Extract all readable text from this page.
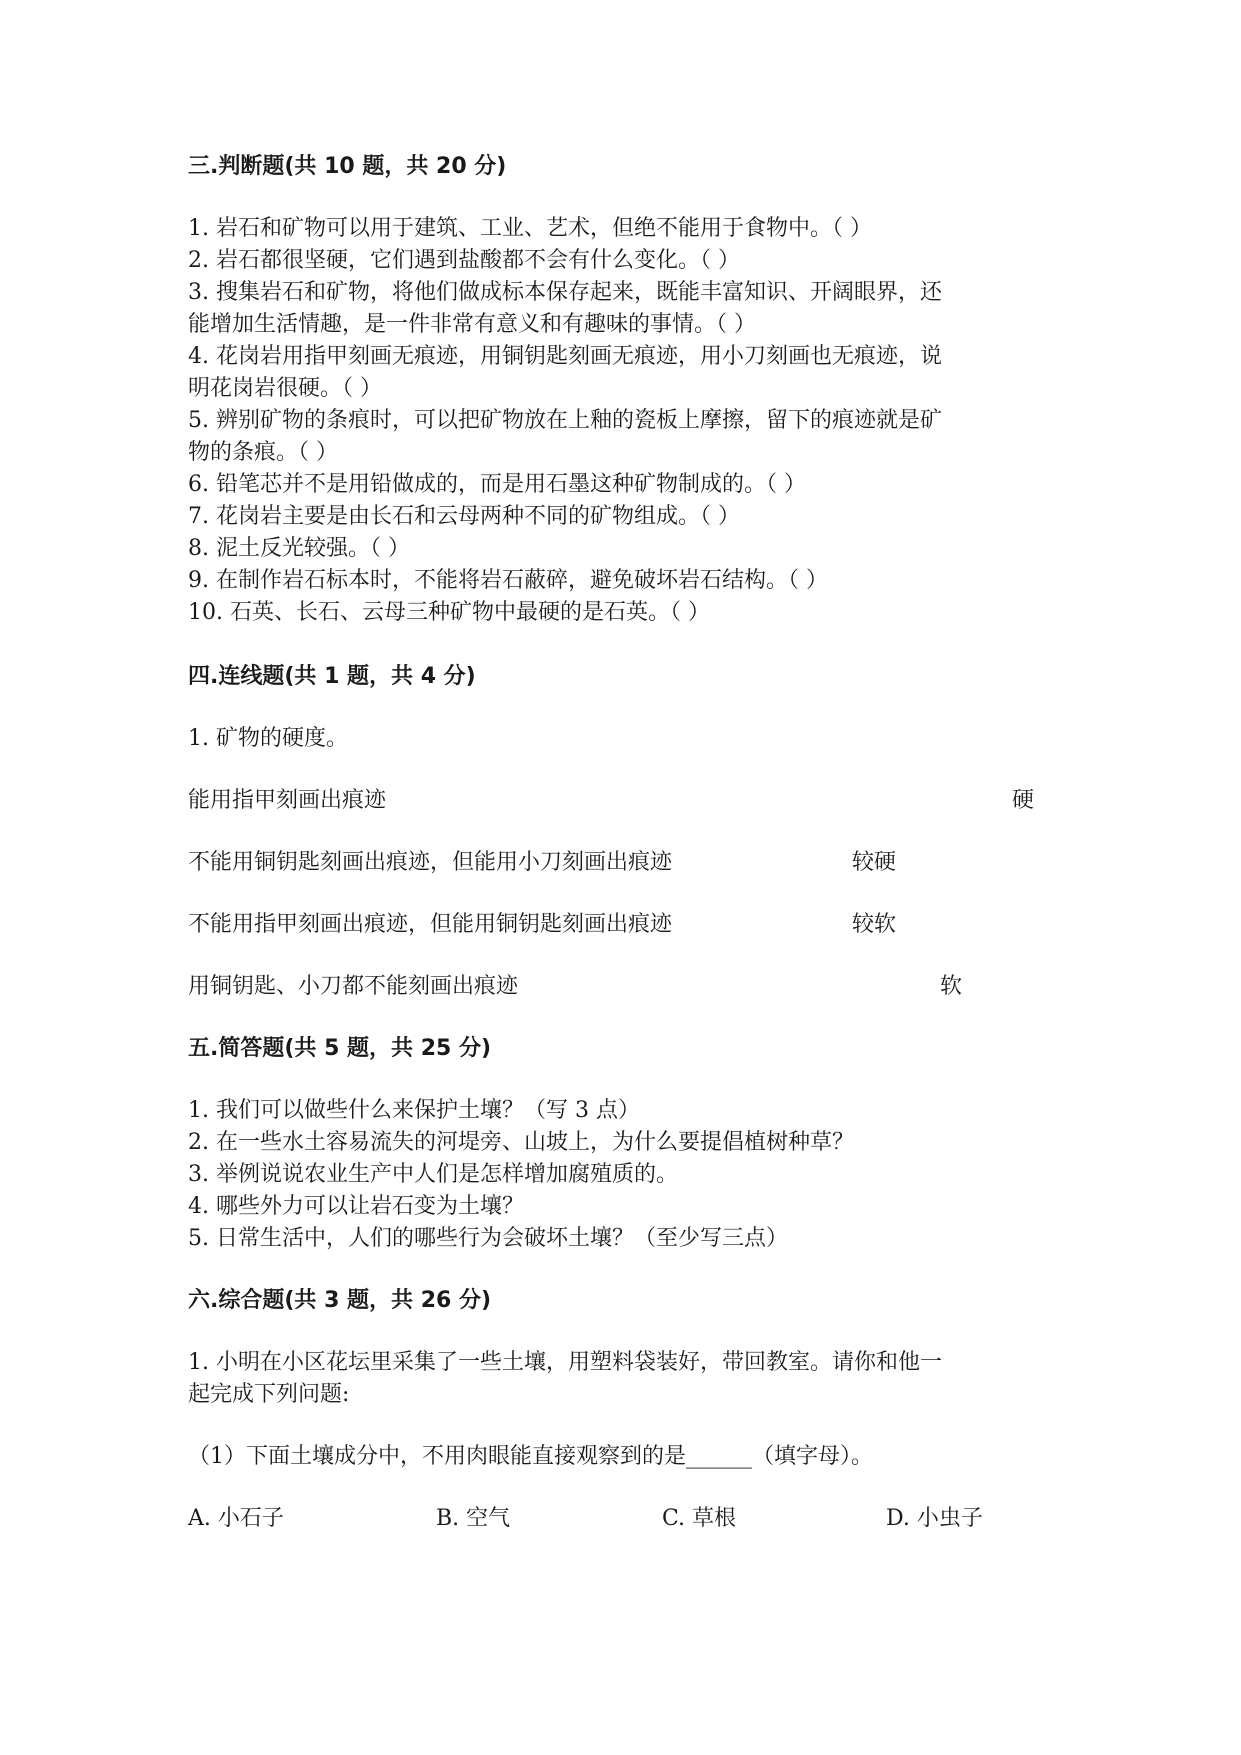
三.判断题(共 10 题，共 20 分)
1. 岩石和矿物可以用于建筑、工业、艺术，但绝不能用于食物中。（ ）
2. 岩石都很坚硬，它们遇到盐酸都不会有什么变化。（ ）
3. 搜集岩石和矿物，将他们做成标本保存起来，既能丰富知识、开阔眼界，还
能增加生活情趣，是一件非常有意义和有趣味的事情。（ ）
4. 花岗岩用指甲刻画无痕迹，用铜钥匙刻画无痕迹，用小刀刻画也无痕迹，说
明花岗岩很硬。（ ）
5. 辨别矿物的条痕时，可以把矿物放在上釉的瓷板上摩擦，留下的痕迹就是矿
物的条痕。（ ）
6. 铅笔芯并不是用铅做成的，而是用石墨这种矿物制成的。（ ）
7. 花岗岩主要是由长石和云母两种不同的矿物组成。（ ）
8. 泥土反光较强。（ ）
9. 在制作岩石标本时，不能将岩石蔽碎，避免破坏岩石结构。（ ）
10. 石英、长石、云母三种矿物中最硬的是石英。（ ）
四.连线题(共 1 题，共 4 分)
1. 矿物的硬度。
能用指甲刻画出痕迹	硬
不能用铜钥匙刻画出痕迹，但能用小刀刻画出痕迹	较硬
不能用指甲刻画出痕迹，但能用铜钥匙刻画出痕迹	较软
用铜钥匙、小刀都不能刻画出痕迹	软
五.简答题(共 5 题，共 25 分)
1. 我们可以做些什么来保护土壤？（写 3 点）
2. 在一些水土容易流失的河堤旁、山坡上，为什么要提倡植树种草？
3. 举例说说农业生产中人们是怎样增加腐殖质的。
4. 哪些外力可以让岩石变为土壤？
5. 日常生活中，人们的哪些行为会破坏土壤？（至少写三点）
六.综合题(共 3 题，共 26 分)
1. 小明在小区花坛里采集了一些土壤，用塑料袋装好，带回教室。请你和他一
起完成下列问题:
（1）下面土壤成分中，不用肉眼能直接观察到的是______（填字母）。
A. 小石子	B. 空气	C. 草根	D. 小虫子
